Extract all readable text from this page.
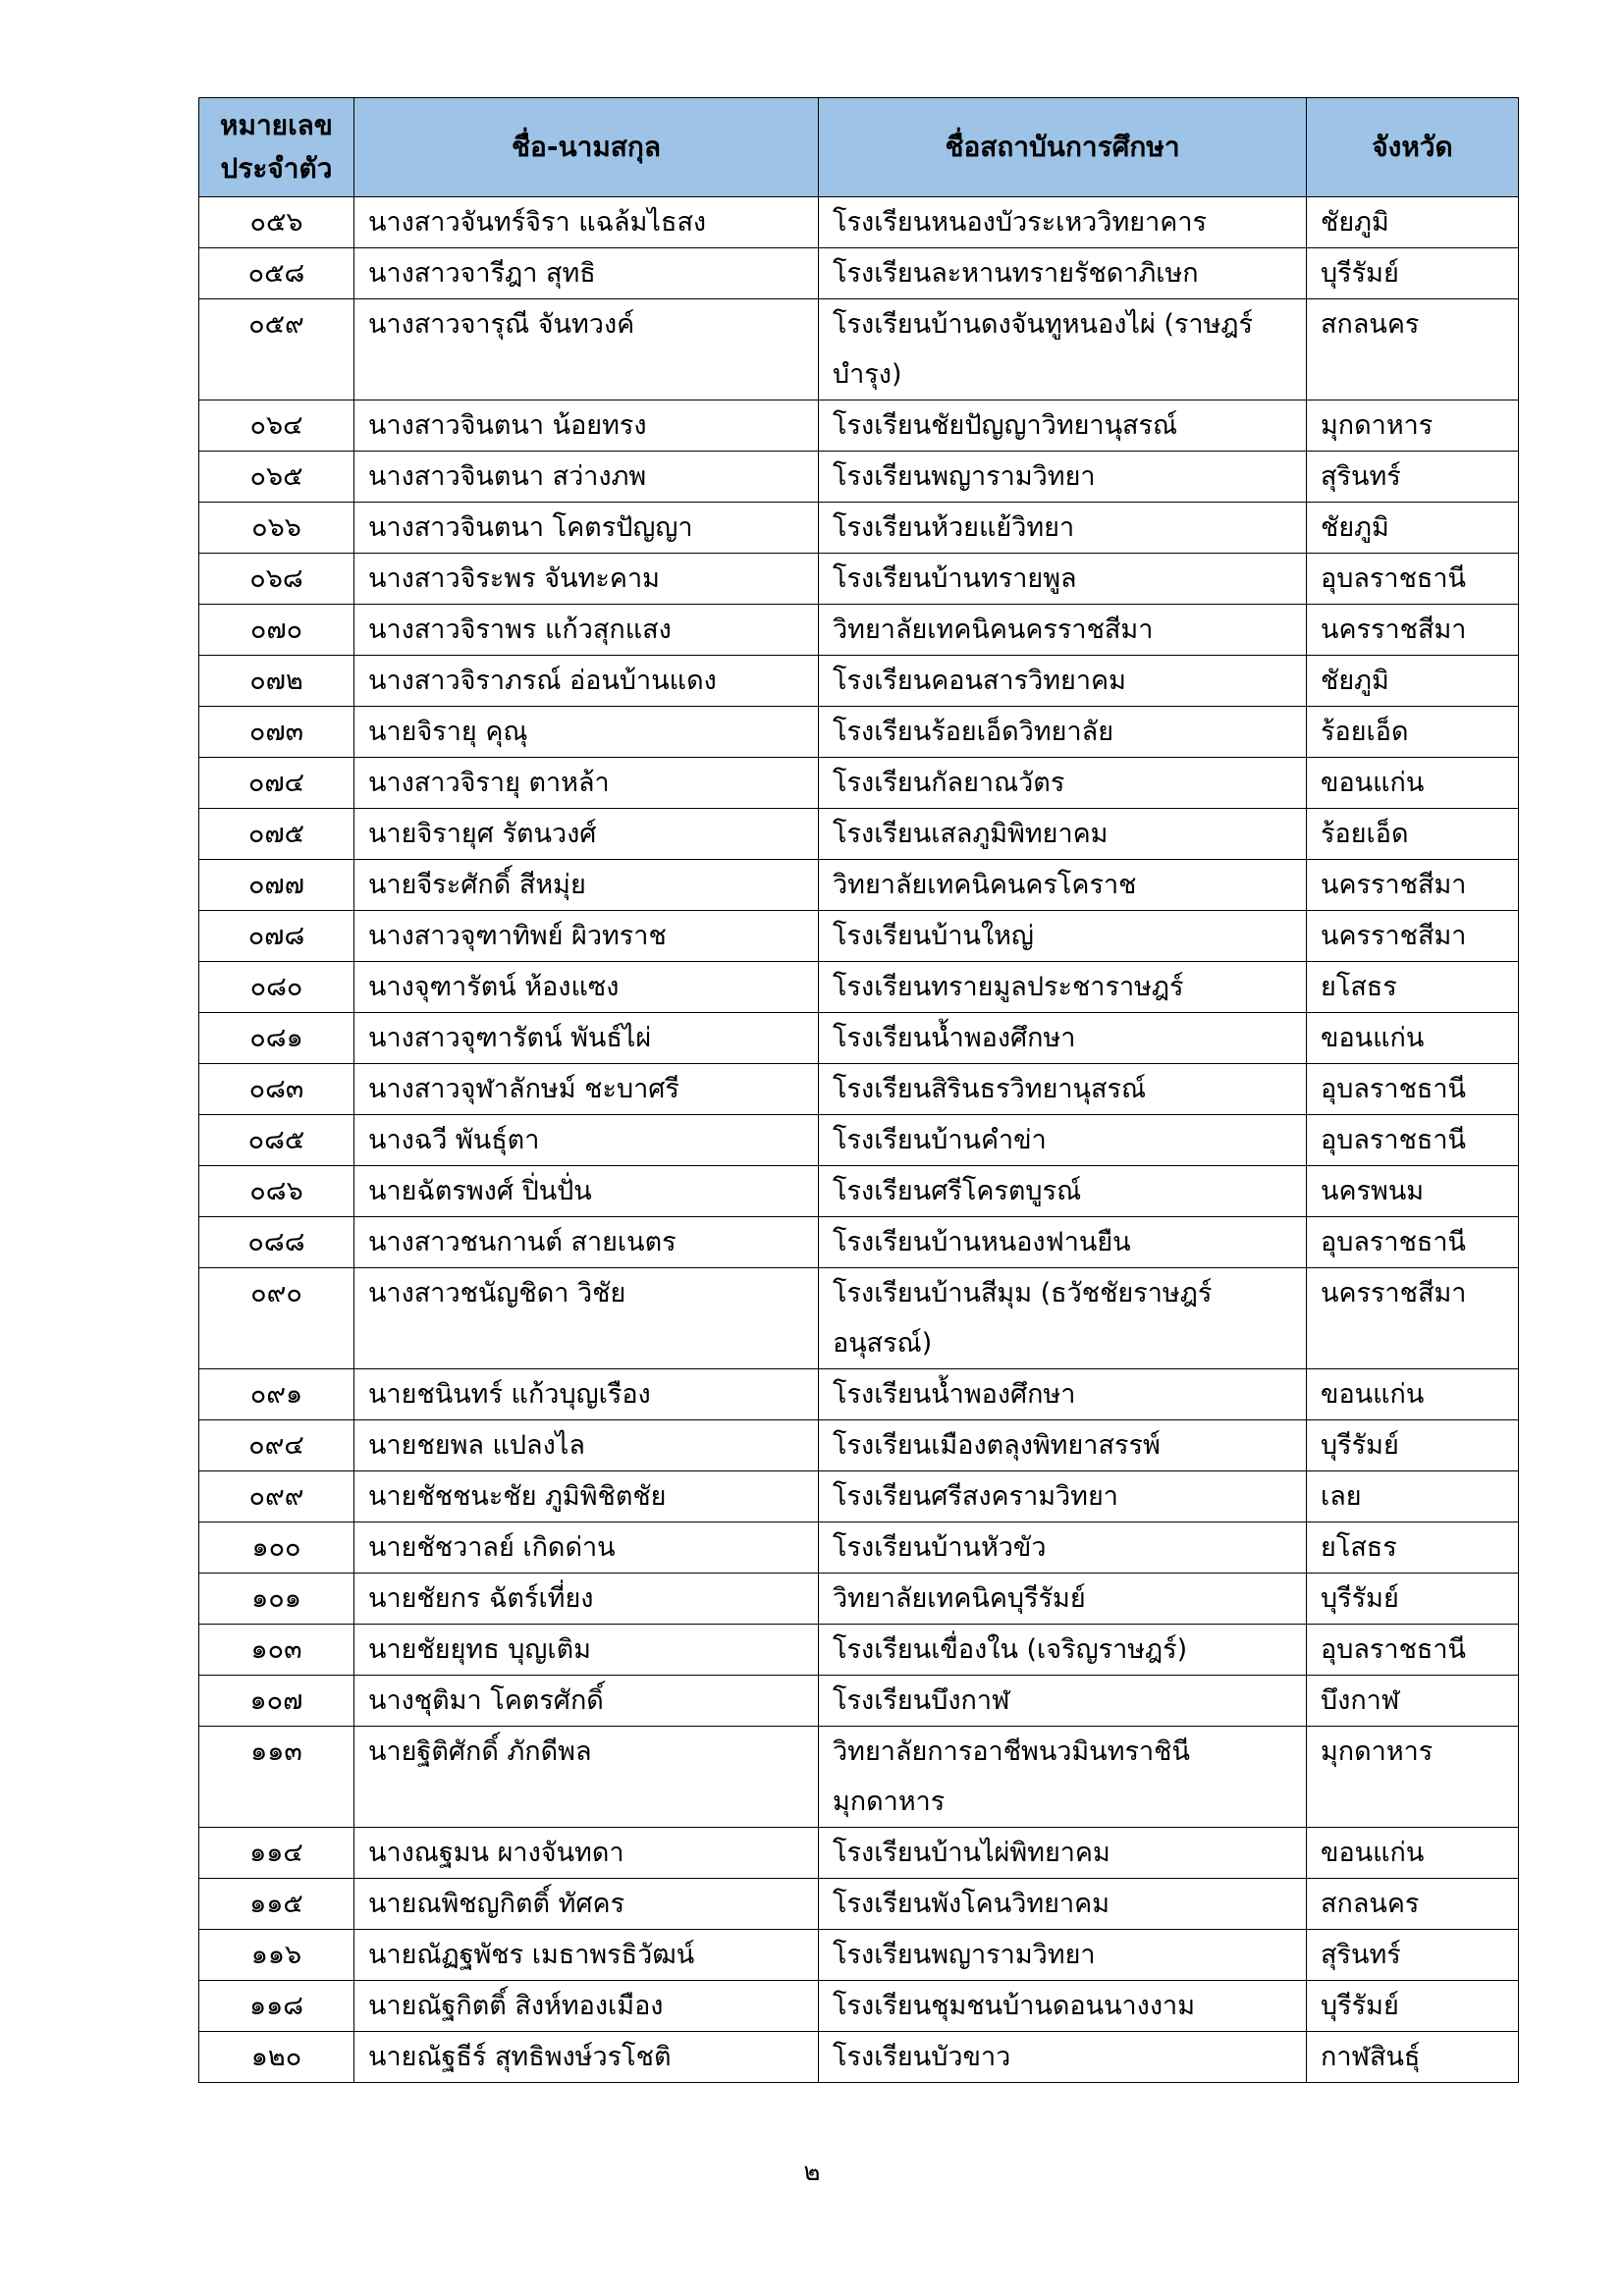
หมายเลข ประจำตัว	ชื่อ-นามสกุล	ชื่อสถาบันการศึกษา	จังหวัด
๐๕๖	นางสาวจันทร์จิรา แฉล้มไธสง	โรงเรียนหนองบัวระเหววิทยาคาร	ชัยภูมิ
๐๕๘	นางสาวจารีฎา สุทธิ	โรงเรียนละหานทรายรัชดาภิเษก	บุรีรัมย์
๐๕๙	นางสาวจารุณี จันทวงค์	โรงเรียนบ้านดงจันทูหนองไผ่ (ราษฎร์บำรุง)	สกลนคร
๐๖๔	นางสาวจินตนา น้อยทรง	โรงเรียนชัยปัญญาวิทยานุสรณ์	มุกดาหาร
๐๖๕	นางสาวจินตนา สว่างภพ	โรงเรียนพญารามวิทยา	สุรินทร์
๐๖๖	นางสาวจินตนา โคตรปัญญา	โรงเรียนห้วยแย้วิทยา	ชัยภูมิ
๐๖๘	นางสาวจิระพร จันทะคาม	โรงเรียนบ้านทรายพูล	อุบลราชธานี
๐๗๐	นางสาวจิราพร แก้วสุกแสง	วิทยาลัยเทคนิคนครราชสีมา	นครราชสีมา
๐๗๒	นางสาวจิราภรณ์ อ่อนบ้านแดง	โรงเรียนคอนสารวิทยาคม	ชัยภูมิ
๐๗๓	นายจิรายุ คุณุ	โรงเรียนร้อยเอ็ดวิทยาลัย	ร้อยเอ็ด
๐๗๔	นางสาวจิรายุ ตาหล้า	โรงเรียนกัลยาณวัตร	ขอนแก่น
๐๗๕	นายจิรายุศ รัตนวงศ์	โรงเรียนเสลภูมิพิทยาคม	ร้อยเอ็ด
๐๗๗	นายจีระศักดิ์ สีหมุ่ย	วิทยาลัยเทคนิคนครโคราช	นครราชสีมา
๐๗๘	นางสาวจุฑาทิพย์ ผิวทราช	โรงเรียนบ้านใหญ่	นครราชสีมา
๐๘๐	นางจุฑารัตน์ ห้องแซง	โรงเรียนทรายมูลประชาราษฎร์	ยโสธร
๐๘๑	นางสาวจุฑารัตน์ พันธ์ไผ่	โรงเรียนน้ำพองศึกษา	ขอนแก่น
๐๘๓	นางสาวจุฬาลักษม์ ชะบาศรี	โรงเรียนสิรินธรวิทยานุสรณ์	อุบลราชธานี
๐๘๕	นางฉวี พันธุ์ตา	โรงเรียนบ้านคำข่า	อุบลราชธานี
๐๘๖	นายฉัตรพงศ์ ปิ่นปั่น	โรงเรียนศรีโครตบูรณ์	นครพนม
๐๘๘	นางสาวชนกานต์ สายเนตร	โรงเรียนบ้านหนองฟานยืน	อุบลราชธานี
๐๙๐	นางสาวชนัญชิดา วิชัย	โรงเรียนบ้านสีมุม (ธวัชชัยราษฎร์อนุสรณ์)	นครราชสีมา
๐๙๑	นายชนินทร์ แก้วบุญเรือง	โรงเรียนน้ำพองศึกษา	ขอนแก่น
๐๙๔	นายชยพล แปลงไล	โรงเรียนเมืองตลุงพิทยาสรรพ์	บุรีรัมย์
๐๙๙	นายชัชชนะชัย ภูมิพิชิตชัย	โรงเรียนศรีสงครามวิทยา	เลย
๑๐๐	นายชัชวาลย์ เกิดด่าน	โรงเรียนบ้านหัวขัว	ยโสธร
๑๐๑	นายชัยกร ฉัตร์เที่ยง	วิทยาลัยเทคนิคบุรีรัมย์	บุรีรัมย์
๑๐๓	นายชัยยุทธ บุญเติม	โรงเรียนเขื่องใน (เจริญราษฎร์)	อุบลราชธานี
๑๐๗	นางชุติมา โคตรศักดิ์	โรงเรียนบึงกาฬ	บึงกาฬ
๑๑๓	นายฐิติศักดิ์ ภักดีพล	วิทยาลัยการอาชีพนวมินทราชินี มุกดาหาร	มุกดาหาร
๑๑๔	นางณฐมน ผางจันทดา	โรงเรียนบ้านไผ่พิทยาคม	ขอนแก่น
๑๑๕	นายณพิชญกิตติ์ ทัศคร	โรงเรียนพังโคนวิทยาคม	สกลนคร
๑๑๖	นายณัฏฐพัชร เมธาพรธิวัฒน์	โรงเรียนพญารามวิทยา	สุรินทร์
๑๑๘	นายณัฐกิตติ์ สิงห์ทองเมือง	โรงเรียนชุมชนบ้านดอนนางงาม	บุรีรัมย์
๑๒๐	นายณัฐธีร์ สุทธิพงษ์วรโชติ	โรงเรียนบัวขาว	กาฬสินธุ์
๒
